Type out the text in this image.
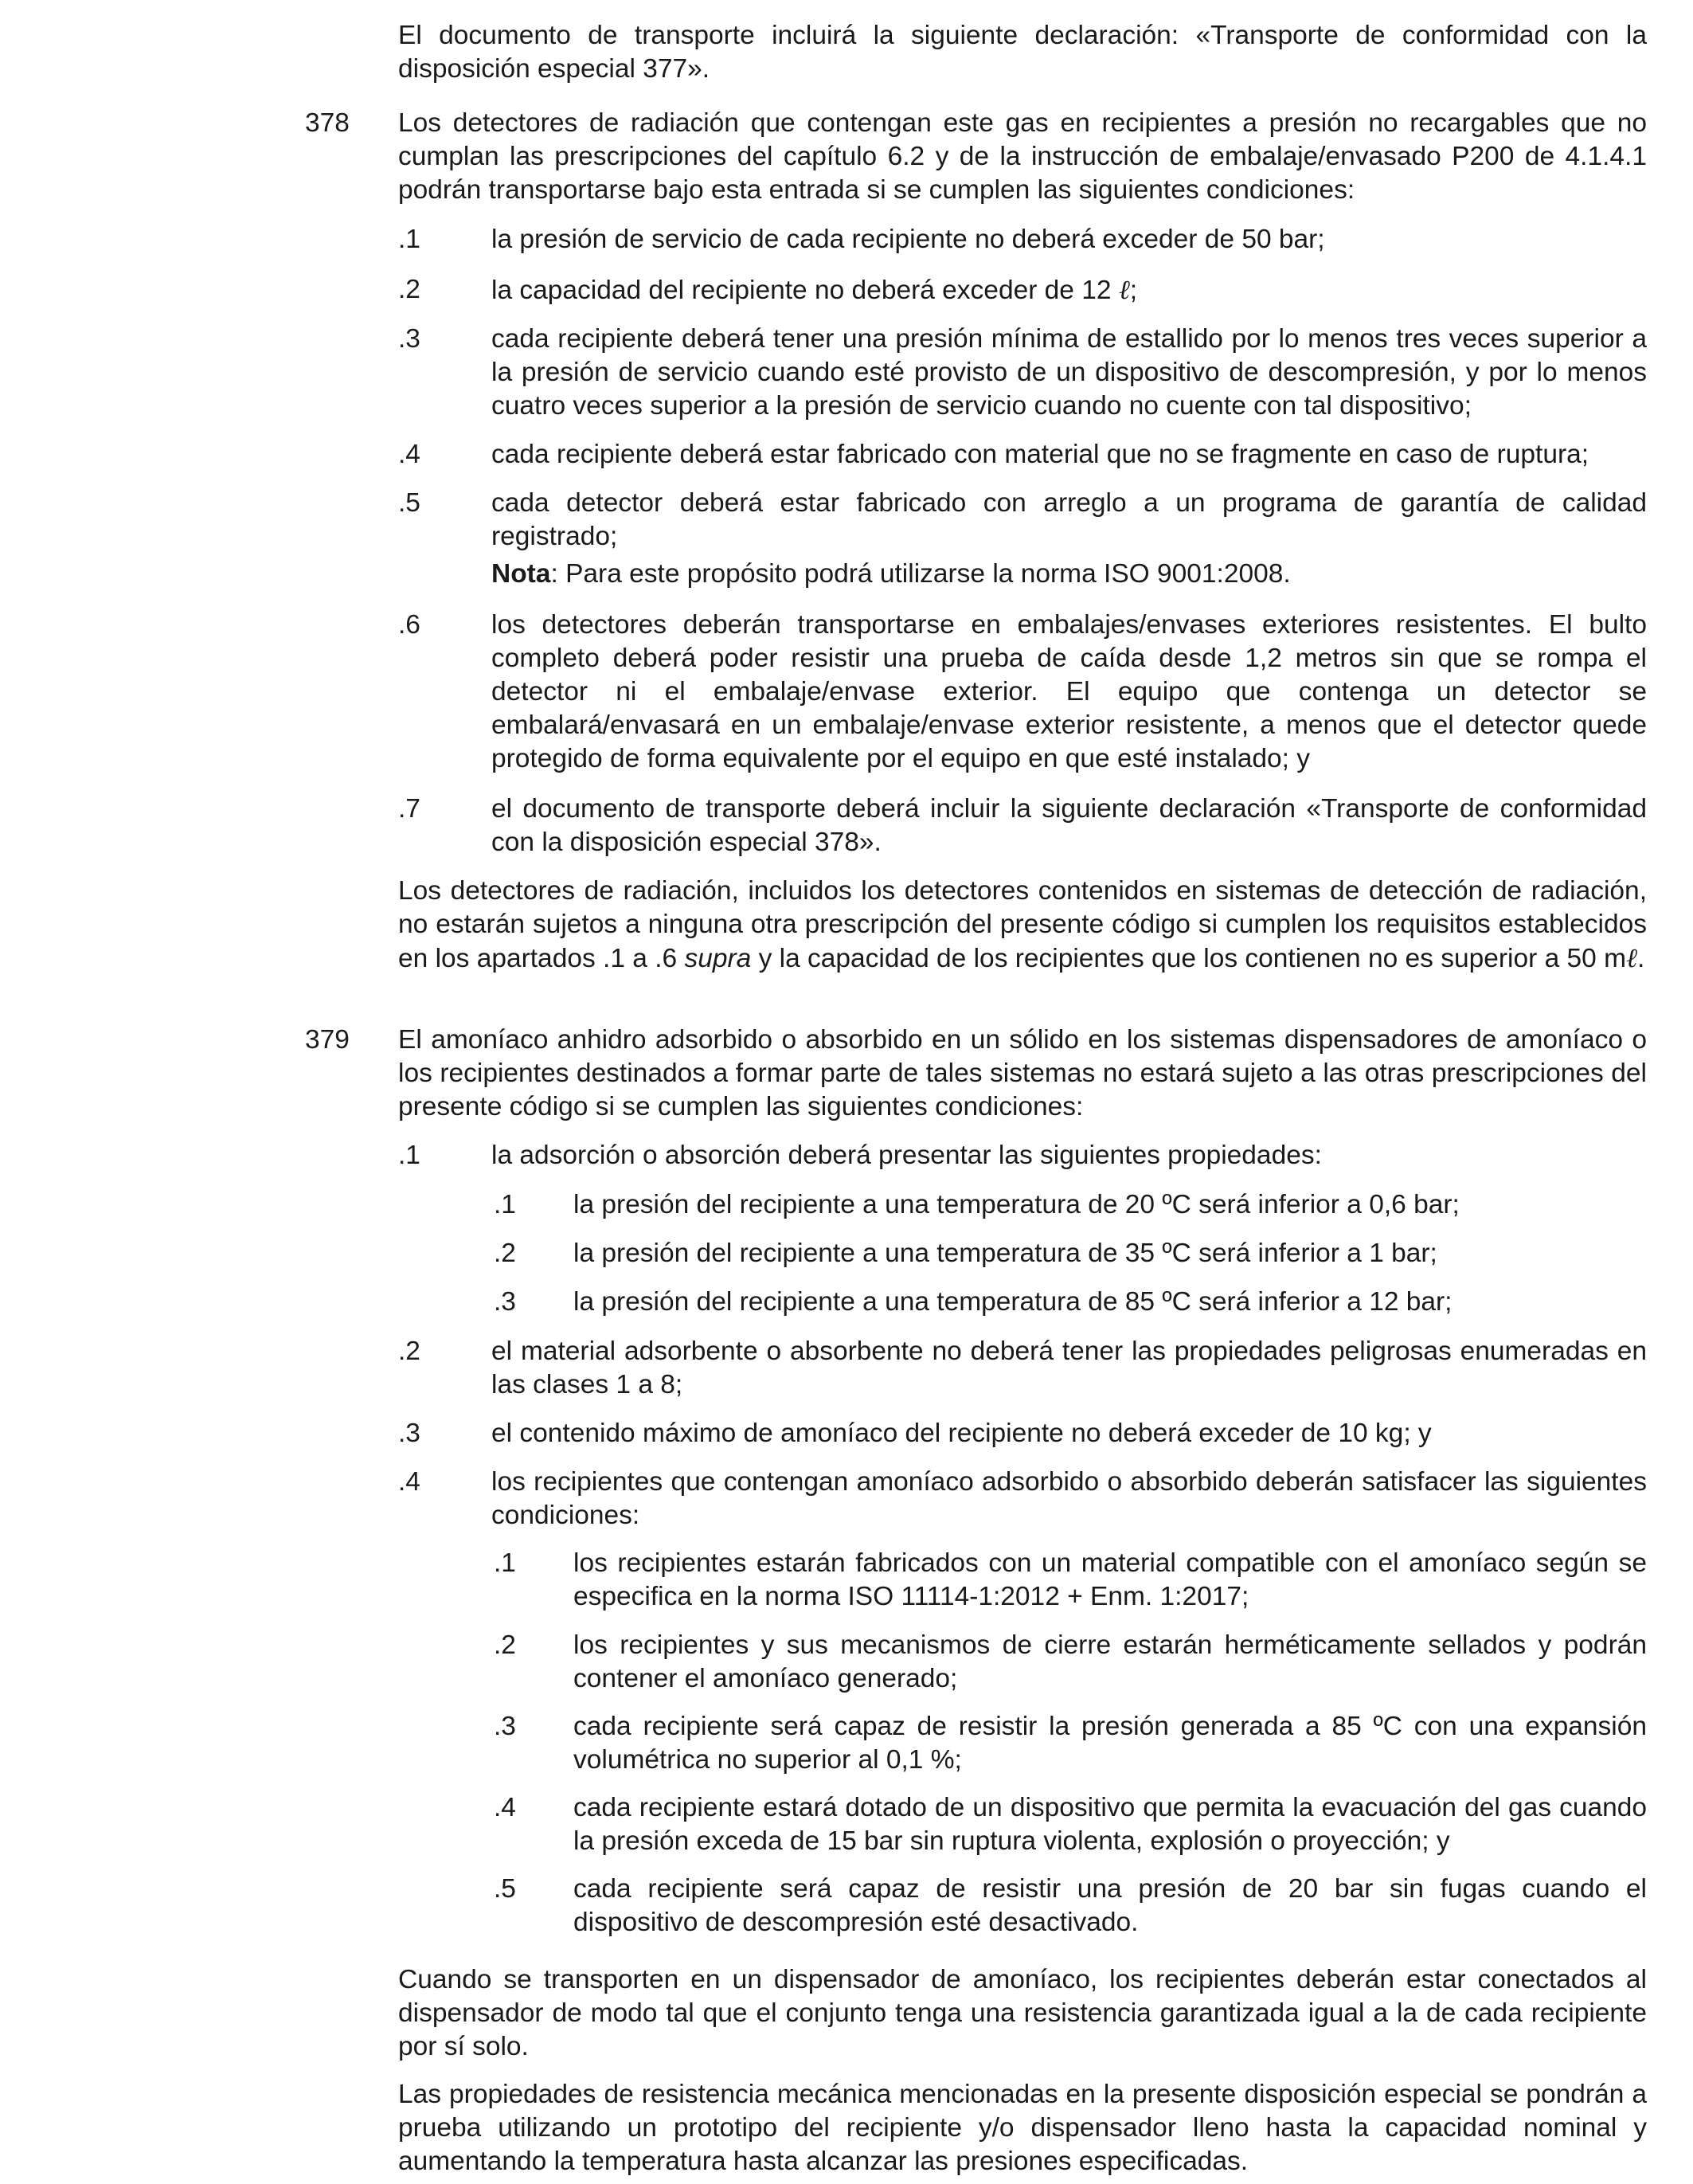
El documento de transporte incluirá la siguiente declaración: «Transporte de conformidad con la disposición especial 377».

378 Los detectores de radiación que contengan este gas en recipientes a presión no recargables que no cumplan las prescripciones del capítulo 6.2 y de la instrucción de embalaje/envasado P200 de 4.1.4.1 podrán transportarse bajo esta entrada si se cumplen las siguientes condiciones:

.1	la presión de servicio de cada recipiente no deberá exceder de 50 bar;

.2	la capacidad del recipiente no deberá exceder de 12 ℓ;

.3	cada recipiente deberá tener una presión mínima de estallido por lo menos tres veces superior a la presión de servicio cuando esté provisto de un dispositivo de descompresión, y por lo menos cuatro veces superior a la presión de servicio cuando no cuente con tal dispositivo;

.4	cada recipiente deberá estar fabricado con material que no se fragmente en caso de ruptura;

.5	cada detector deberá estar fabricado con arreglo a un programa de garantía de calidad registrado;

Nota: Para este propósito podrá utilizarse la norma ISO 9001:2008.

.6	los detectores deberán transportarse en embalajes/envases exteriores resistentes. El bulto completo deberá poder resistir una prueba de caída desde 1,2 metros sin que se rompa el detector ni el embalaje/envase exterior. El equipo que contenga un detector se embalará/envasará en un embalaje/envase exterior resistente, a menos que el detector quede protegido de forma equivalente por el equipo en que esté instalado; y

.7	el documento de transporte deberá incluir la siguiente declaración «Transporte de conformidad con la disposición especial 378».

Los detectores de radiación, incluidos los detectores contenidos en sistemas de detección de radiación, no estarán sujetos a ninguna otra prescripción del presente código si cumplen los requisitos establecidos en los apartados .1 a .6 supra y la capacidad de los recipientes que los contienen no es superior a 50 mℓ.

379 El amoníaco anhidro adsorbido o absorbido en un sólido en los sistemas dispensadores de amoníaco o los recipientes destinados a formar parte de tales sistemas no estará sujeto a las otras prescripciones del presente código si se cumplen las siguientes condiciones:

.1	la adsorción o absorción deberá presentar las siguientes propiedades:

.1 la presión del recipiente a una temperatura de 20 ºC será inferior a 0,6 bar;

.2 la presión del recipiente a una temperatura de 35 ºC será inferior a 1 bar;

.3 la presión del recipiente a una temperatura de 85 ºC será inferior a 12 bar;

.2	el material adsorbente o absorbente no deberá tener las propiedades peligrosas enumeradas en las clases 1 a 8;

.3	el contenido máximo de amoníaco del recipiente no deberá exceder de 10 kg; y

.4	los recipientes que contengan amoníaco adsorbido o absorbido deberán satisfacer las siguientes condiciones:

.1 los recipientes estarán fabricados con un material compatible con el amoníaco según se especifica en la norma ISO 11114-1:2012 + Enm. 1:2017;

.2 los recipientes y sus mecanismos de cierre estarán herméticamente sellados y podrán contener el amoníaco generado;

.3 cada recipiente será capaz de resistir la presión generada a 85 ºC con una expansión volumétrica no superior al 0,1 %;

.4 cada recipiente estará dotado de un dispositivo que permita la evacuación del gas cuando la presión exceda de 15 bar sin ruptura violenta, explosión o proyección; y

.5 cada recipiente será capaz de resistir una presión de 20 bar sin fugas cuando el dispositivo de descompresión esté desactivado.

Cuando se transporten en un dispensador de amoníaco, los recipientes deberán estar conectados al dispensador de modo tal que el conjunto tenga una resistencia garantizada igual a la de cada recipiente por sí solo.

Las propiedades de resistencia mecánica mencionadas en la presente disposición especial se pondrán a prueba utilizando un prototipo del recipiente y/o dispensador lleno hasta la capacidad nominal y aumentando la temperatura hasta alcanzar las presiones especificadas.
